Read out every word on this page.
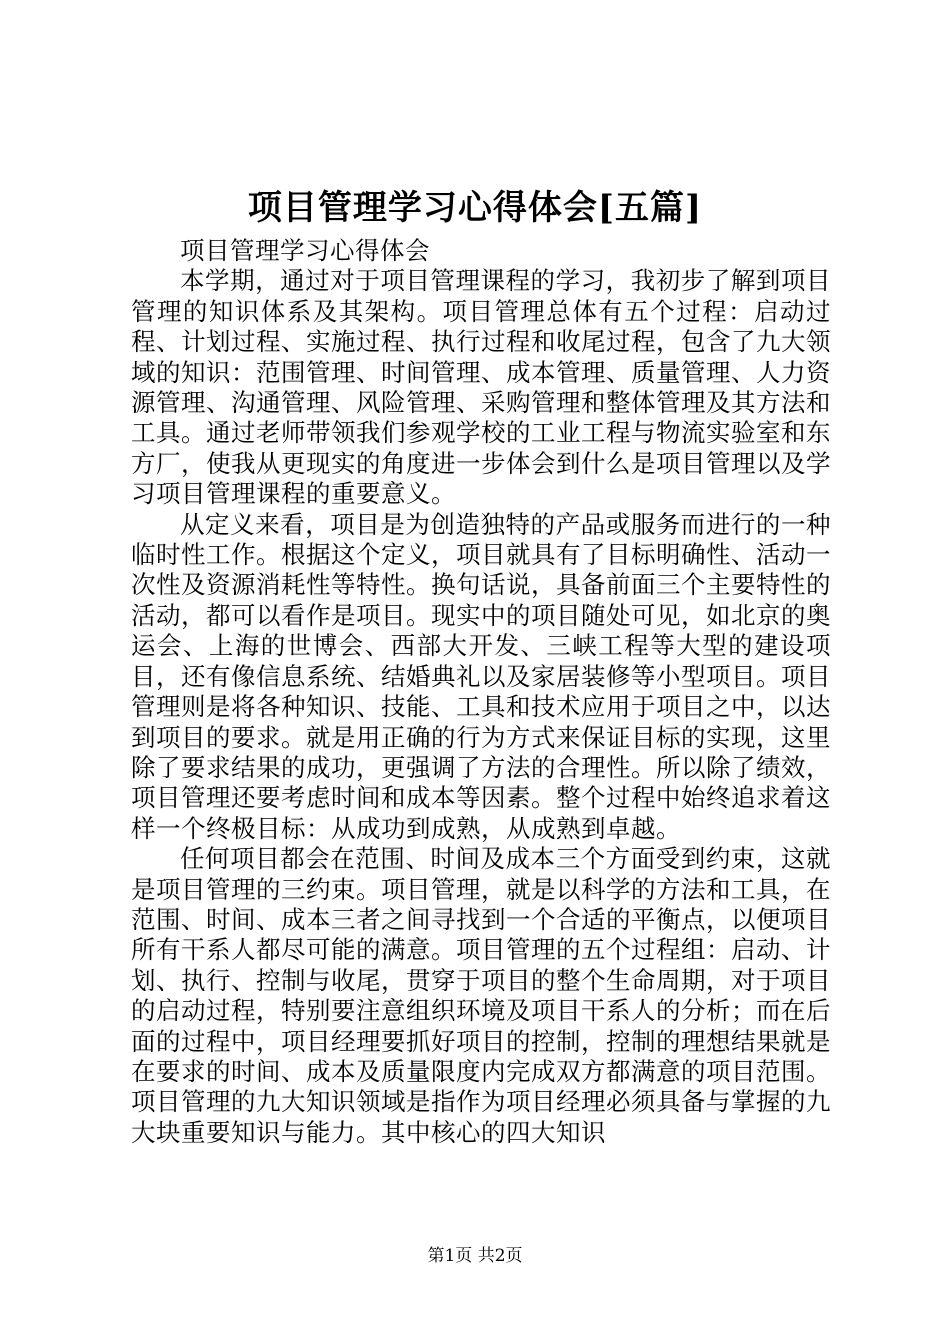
项目管理学习心得体会[五篇]

项目管理学习心得体会

本学期，通过对于项目管理课程的学习，我初步了解到项目管理的知识体系及其架构。项目管理总体有五个过程：启动过程、计划过程、实施过程、执行过程和收尾过程，包含了九大领域的知识：范围管理、时间管理、成本管理、质量管理、人力资源管理、沟通管理、风险管理、采购管理和整体管理及其方法和工具。通过老师带领我们参观学校的工业工程与物流实验室和东方厂，使我从更现实的角度进一步体会到什么是项目管理以及学习项目管理课程的重要意义。

从定义来看，项目是为创造独特的产品或服务而进行的一种临时性工作。根据这个定义，项目就具有了目标明确性、活动一次性及资源消耗性等特性。换句话说，具备前面三个主要特性的活动，都可以看作是项目。现实中的项目随处可见，如北京的奥运会、上海的世博会、西部大开发、三峡工程等大型的建设项目，还有像信息系统、结婚典礼以及家居装修等小型项目。项目管理则是将各种知识、技能、工具和技术应用于项目之中，以达到项目的要求。就是用正确的行为方式来保证目标的实现，这里除了要求结果的成功，更强调了方法的合理性。所以除了绩效，项目管理还要考虑时间和成本等因素。整个过程中始终追求着这样一个终极目标：从成功到成熟，从成熟到卓越。

任何项目都会在范围、时间及成本三个方面受到约束，这就是项目管理的三约束。项目管理，就是以科学的方法和工具，在范围、时间、成本三者之间寻找到一个合适的平衡点，以便项目所有干系人都尽可能的满意。项目管理的五个过程组：启动、计划、执行、控制与收尾，贯穿于项目的整个生命周期，对于项目的启动过程，特别要注意组织环境及项目干系人的分析；而在后面的过程中，项目经理要抓好项目的控制，控制的理想结果就是在要求的时间、成本及质量限度内完成双方都满意的项目范围。项目管理的九大知识领域是指作为项目经理必须具备与掌握的九大块重要知识与能力。其中核心的四大知识

第1页 共2页
